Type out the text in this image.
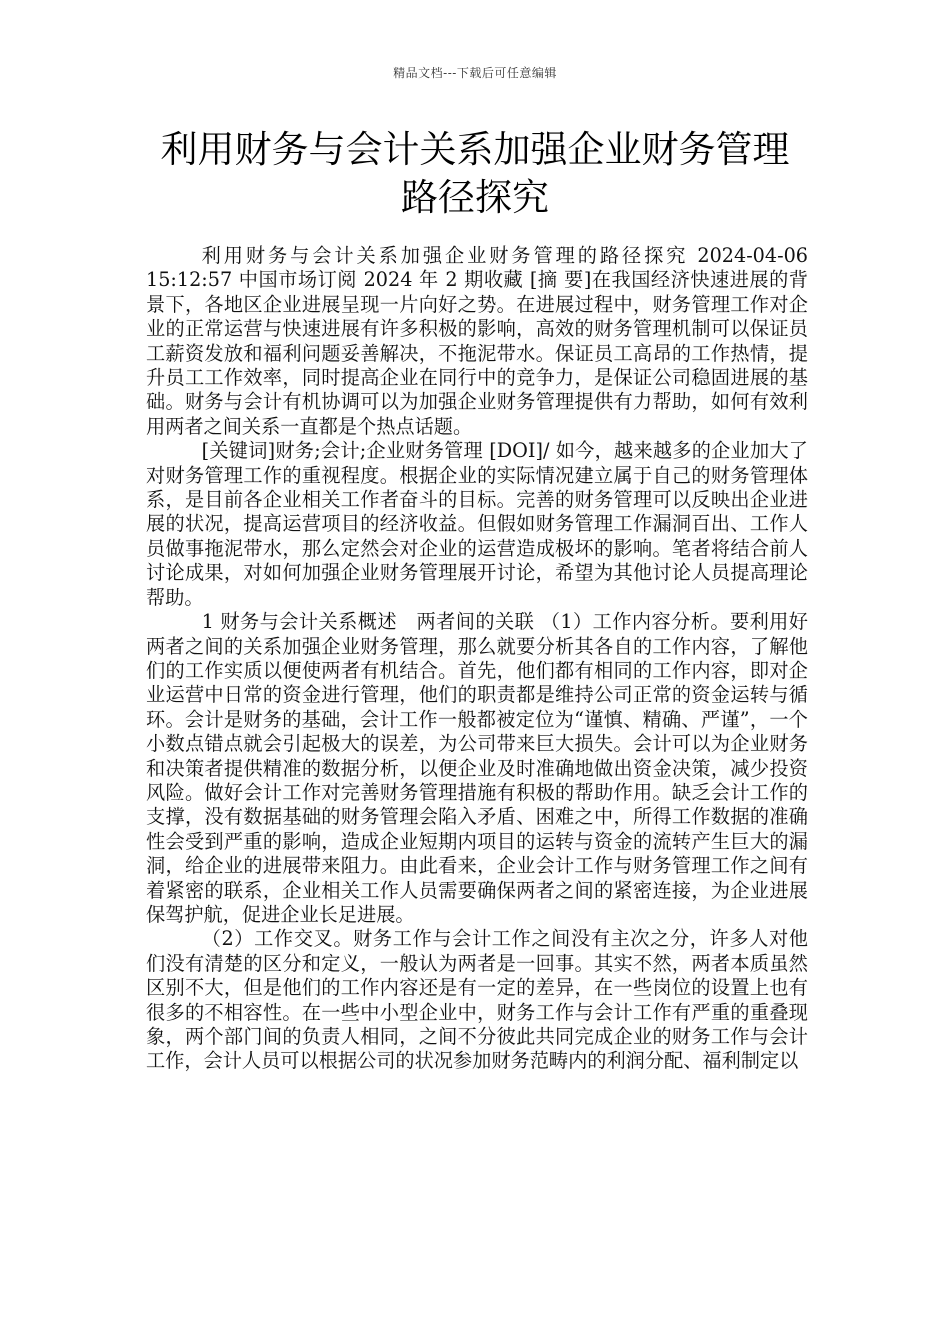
精品文档---下载后可任意编辑
利用财务与会计关系加强企业财务管理路径探究

利用财务与会计关系加强企业财务管理的路径探究 2024-04-06 15:12:57 中国市场订阅 2024 年 2 期收藏 [摘 要]在我国经济快速进展的背景下，各地区企业进展呈现一片向好之势。在进展过程中，财务管理工作对企业的正常运营与快速进展有许多积极的影响，高效的财务管理机制可以保证员工薪资发放和福利问题妥善解决，不拖泥带水。保证员工高昂的工作热情，提升员工工作效率，同时提高企业在同行中的竞争力，是保证公司稳固进展的基础。财务与会计有机协调可以为加强企业财务管理提供有力帮助，如何有效利用两者之间关系一直都是个热点话题。

[关键词]财务;会计;企业财务管理 [DOI]/ 如今，越来越多的企业加大了对财务管理工作的重视程度。根据企业的实际情况建立属于自己的财务管理体系，是目前各企业相关工作者奋斗的目标。完善的财务管理可以反映出企业进展的状况，提高运营项目的经济收益。但假如财务管理工作漏洞百出、工作人员做事拖泥带水，那么定然会对企业的运营造成极坏的影响。笔者将结合前人讨论成果，对如何加强企业财务管理展开讨论，希望为其他讨论人员提高理论帮助。

1 财务与会计关系概述　两者间的关联 （1）工作内容分析。要利用好两者之间的关系加强企业财务管理，那么就要分析其各自的工作内容，了解他们的工作实质以便使两者有机结合。首先，他们都有相同的工作内容，即对企业运营中日常的资金进行管理，他们的职责都是维持公司正常的资金运转与循环。会计是财务的基础，会计工作一般都被定位为“谨慎、精确、严谨”，一个小数点错点就会引起极大的误差，为公司带来巨大损失。会计可以为企业财务和决策者提供精准的数据分析，以便企业及时准确地做出资金决策，减少投资风险。做好会计工作对完善财务管理措施有积极的帮助作用。缺乏会计工作的支撑，没有数据基础的财务管理会陷入矛盾、困难之中，所得工作数据的准确性会受到严重的影响，造成企业短期内项目的运转与资金的流转产生巨大的漏洞，给企业的进展带来阻力。由此看来，企业会计工作与财务管理工作之间有着紧密的联系，企业相关工作人员需要确保两者之间的紧密连接，为企业进展保驾护航，促进企业长足进展。

（2）工作交叉。财务工作与会计工作之间没有主次之分，许多人对他们没有清楚的区分和定义，一般认为两者是一回事。其实不然，两者本质虽然区别不大，但是他们的工作内容还是有一定的差异，在一些岗位的设置上也有很多的不相容性。在一些中小型企业中，财务工作与会计工作有严重的重叠现象，两个部门间的负责人相同，之间不分彼此共同完成企业的财务工作与会计工作，会计人员可以根据公司的状况参加财务范畴内的利润分配、福利制定以
